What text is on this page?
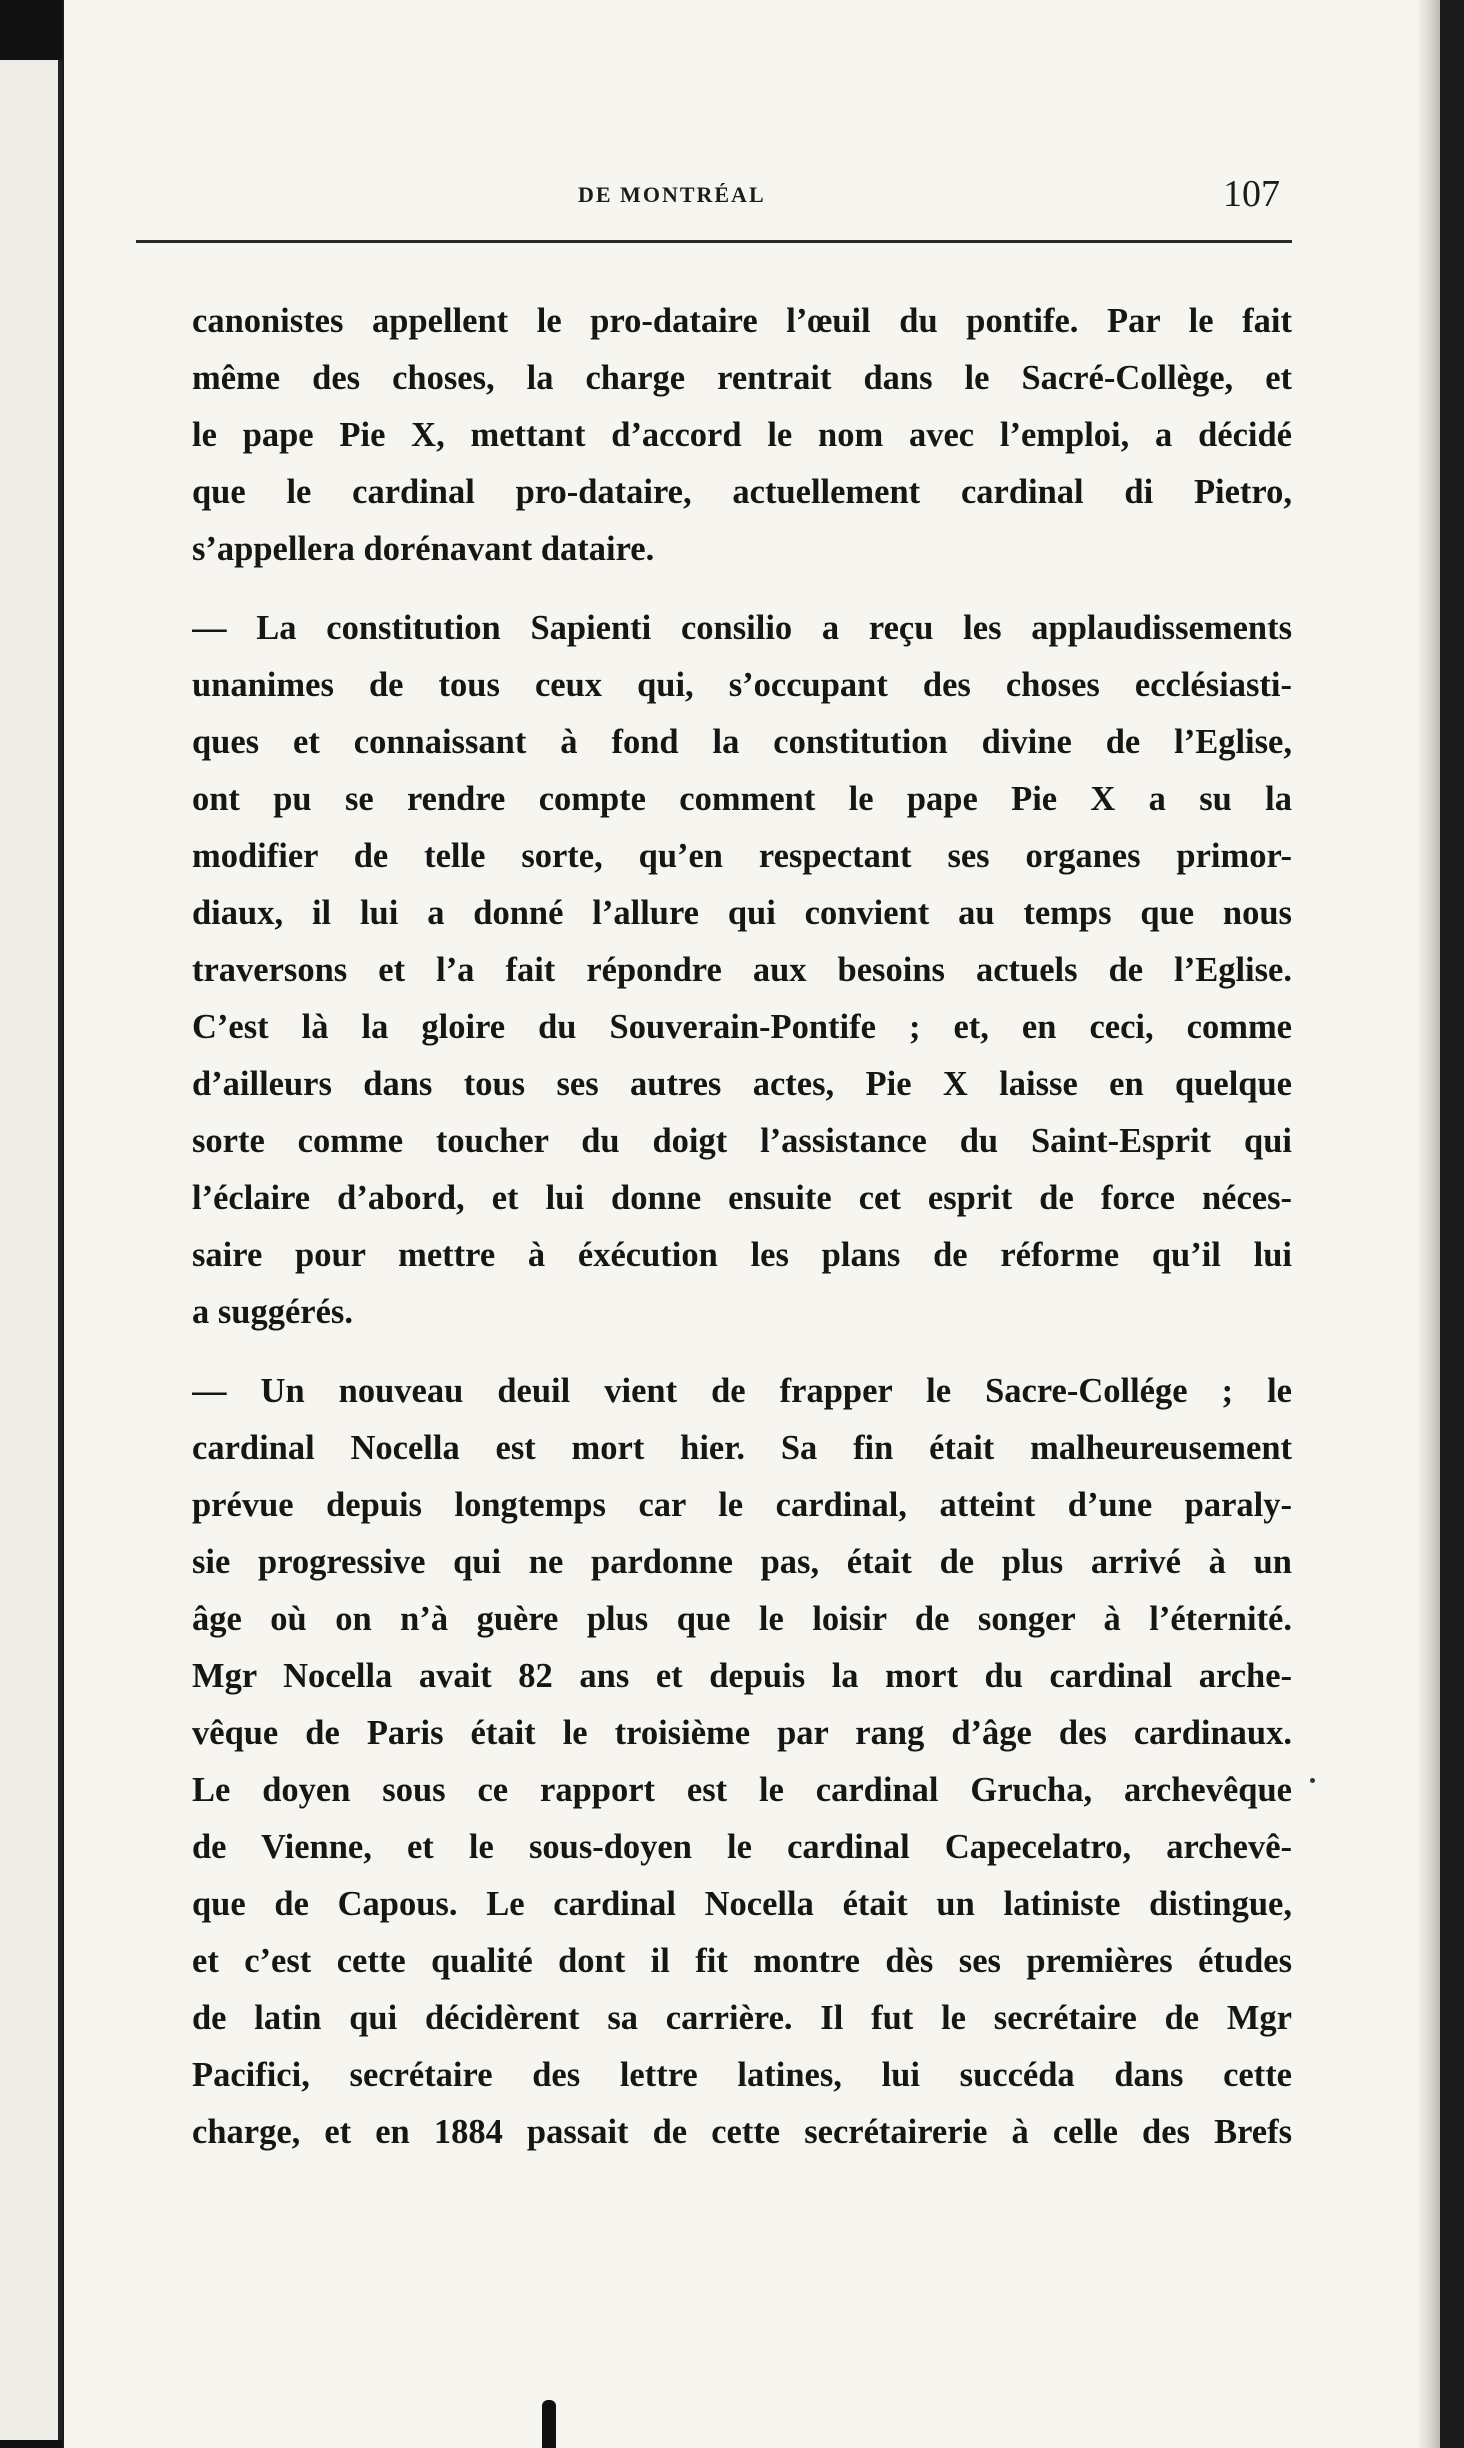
DE MONTRÉAL	107
canonistes appellent le pro-dataire l’œuil du pontife. Par le fait
même des choses, la charge rentrait dans le Sacré-Collège, et
le pape Pie X, mettant d’accord le nom avec l’emploi, a décidé
que le cardinal pro-dataire, actuellement cardinal di Pietro,
s’appellera dorénavant dataire.
— La constitution Sapienti consilio a reçu les applaudissements
unanimes de tous ceux qui, s’occupant des choses ecclésiasti-
ques et connaissant à fond la constitution divine de l’Eglise,
ont pu se rendre compte comment le pape Pie X a su la
modifier de telle sorte, qu’en respectant ses organes primor-
diaux, il lui a donné l’allure qui convient au temps que nous
traversons et l’a fait répondre aux besoins actuels de l’Eglise.
C’est là la gloire du Souverain-Pontife ; et, en ceci, comme
d’ailleurs dans tous ses autres actes, Pie X laisse en quelque
sorte comme toucher du doigt l’assistance du Saint-Esprit qui
l’éclaire d’abord, et lui donne ensuite cet esprit de force néces-
saire pour mettre à éxécution les plans de réforme qu’il lui
a suggérés.
— Un nouveau deuil vient de frapper le Sacre-Collége ; le
cardinal Nocella est mort hier. Sa fin était malheureusement
prévue depuis longtemps car le cardinal, atteint d’une paraly-
sie progressive qui ne pardonne pas, était de plus arrivé à un
âge où on n’à guère plus que le loisir de songer à l’éternité.
Mgr Nocella avait 82 ans et depuis la mort du cardinal arche-
vêque de Paris était le troisième par rang d’âge des cardinaux.
Le doyen sous ce rapport est le cardinal Grucha, archevêque
de Vienne, et le sous-doyen le cardinal Capecelatro, archevê-
que de Capous. Le cardinal Nocella était un latiniste distingue,
et c’est cette qualité dont il fit montre dès ses premières études
de latin qui décidèrent sa carrière. Il fut le secrétaire de Mgr
Pacifici, secrétaire des lettre latines, lui succéda dans cette
charge, et en 1884 passait de cette secrétairerie à celle des Brefs
